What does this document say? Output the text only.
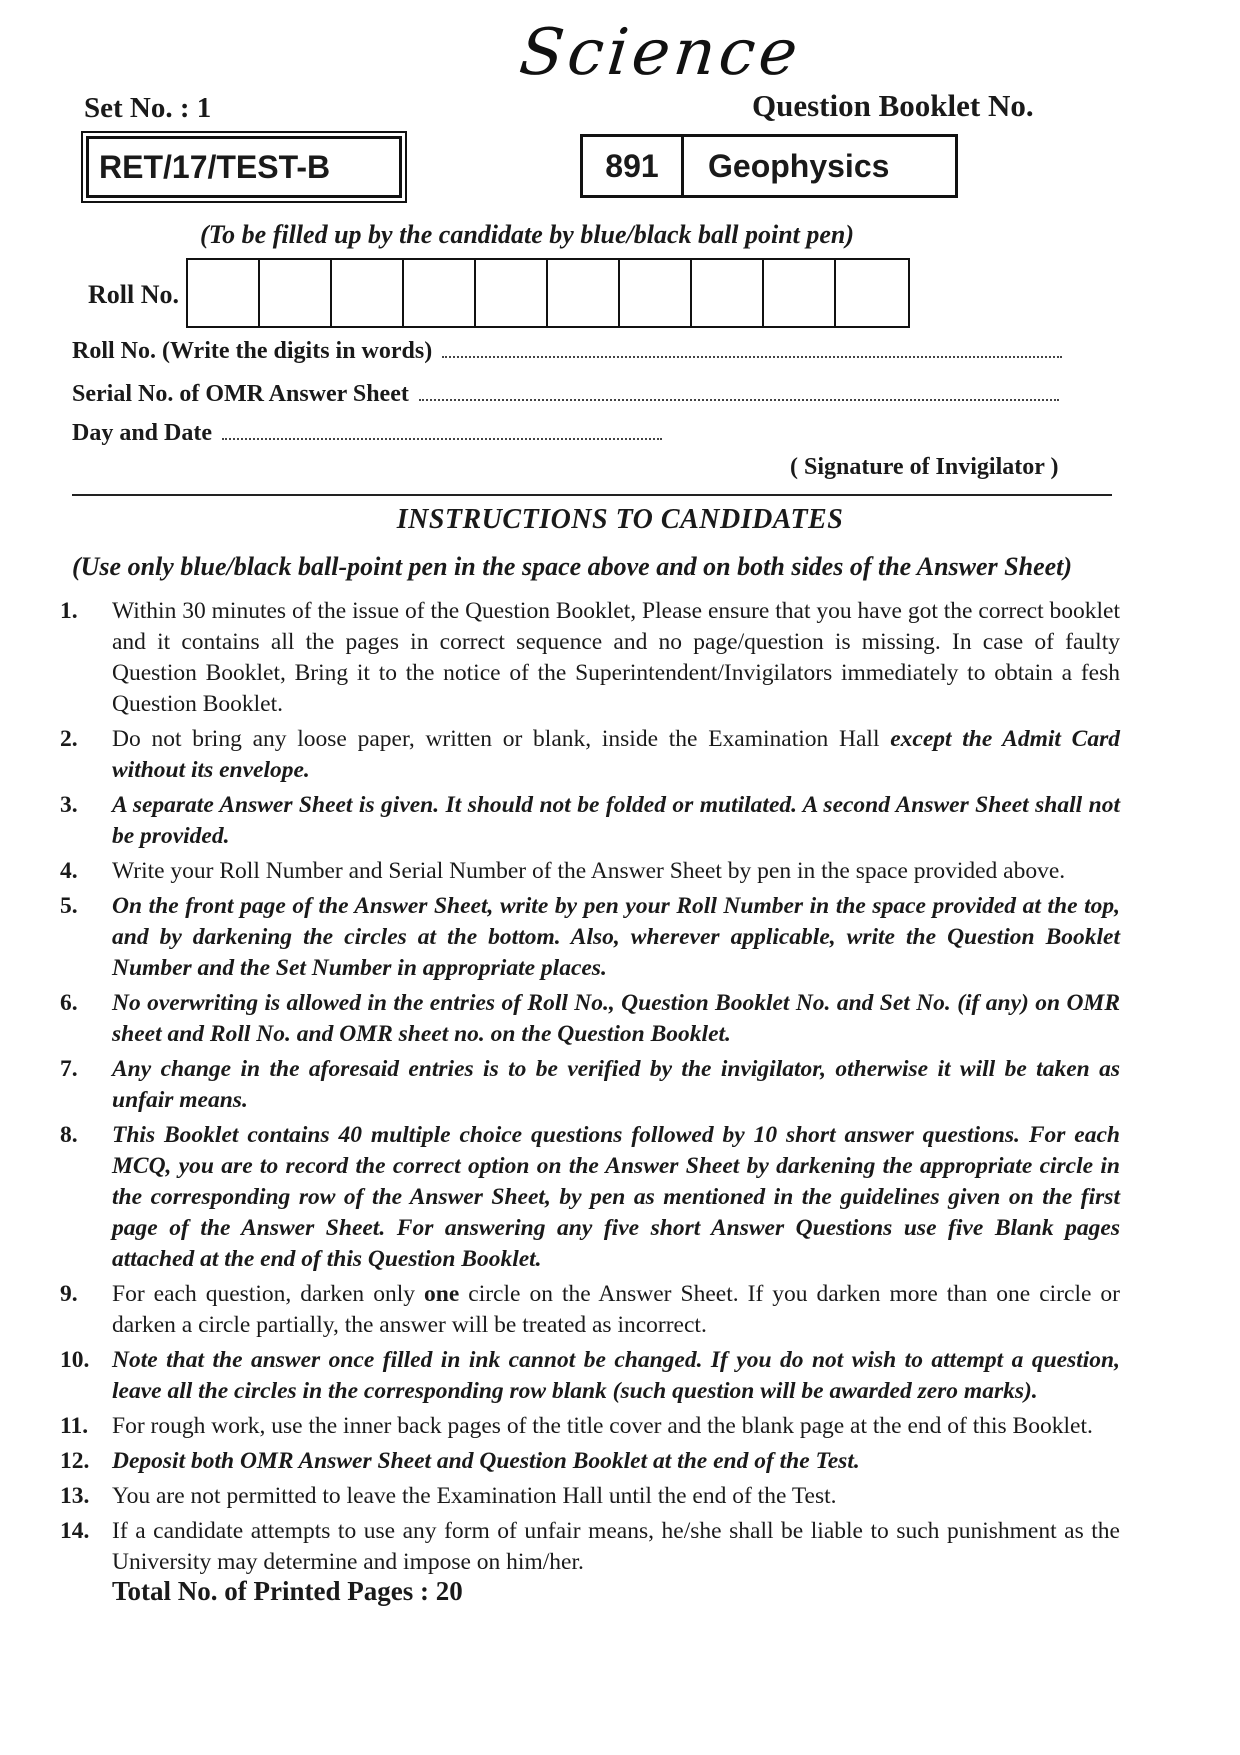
Science
Set No. : 1	Question Booklet No.
RET/17/TEST-B	891	Geophysics
(To be filled up by the candidate by blue/black ball point pen)
Roll No.
Roll No. (Write the digits in words)
Serial No. of OMR Answer Sheet
Day and Date
( Signature of Invigilator )
INSTRUCTIONS TO CANDIDATES
(Use only blue/black ball-point pen in the space above and on both sides of the Answer Sheet)
1.	Within 30 minutes of the issue of the Question Booklet, Please ensure that you have got the correct booklet and it contains all the pages in correct sequence and no page/question is missing. In case of faulty Question Booklet, Bring it to the notice of the Superintendent/Invigilators immediately to obtain a fesh Question Booklet.
2.	Do not bring any loose paper, written or blank, inside the Examination Hall except the Admit Card without its envelope.
3.	A separate Answer Sheet is given. It should not be folded or mutilated. A second Answer Sheet shall not be provided.
4.	Write your Roll Number and Serial Number of the Answer Sheet by pen in the space provided above.
5.	On the front page of the Answer Sheet, write by pen your Roll Number in the space provided at the top, and by darkening the circles at the bottom. Also, wherever applicable, write the Question Booklet Number and the Set Number in appropriate places.
6.	No overwriting is allowed in the entries of Roll No., Question Booklet No. and Set No. (if any) on OMR sheet and Roll No. and OMR sheet no. on the Question Booklet.
7.	Any change in the aforesaid entries is to be verified by the invigilator, otherwise it will be taken as unfair means.
8.	This Booklet contains 40 multiple choice questions followed by 10 short answer questions. For each MCQ, you are to record the correct option on the Answer Sheet by darkening the appropriate circle in the corresponding row of the Answer Sheet, by pen as mentioned in the guidelines given on the first page of the Answer Sheet. For answering any five short Answer Questions use five Blank pages attached at the end of this Question Booklet.
9.	For each question, darken only one circle on the Answer Sheet. If you darken more than one circle or darken a circle partially, the answer will be treated as incorrect.
10. Note that the answer once filled in ink cannot be changed. If you do not wish to attempt a question, leave all the circles in the corresponding row blank (such question will be awarded zero marks).
11.	For rough work, use the inner back pages of the title cover and the blank page at the end of this Booklet.
12. Deposit both OMR Answer Sheet and Question Booklet at the end of the Test.
13. You are not permitted to leave the Examination Hall until the end of the Test.
14. If a candidate attempts to use any form of unfair means, he/she shall be liable to such punishment as the University may determine and impose on him/her.
Total No. of Printed Pages : 20
